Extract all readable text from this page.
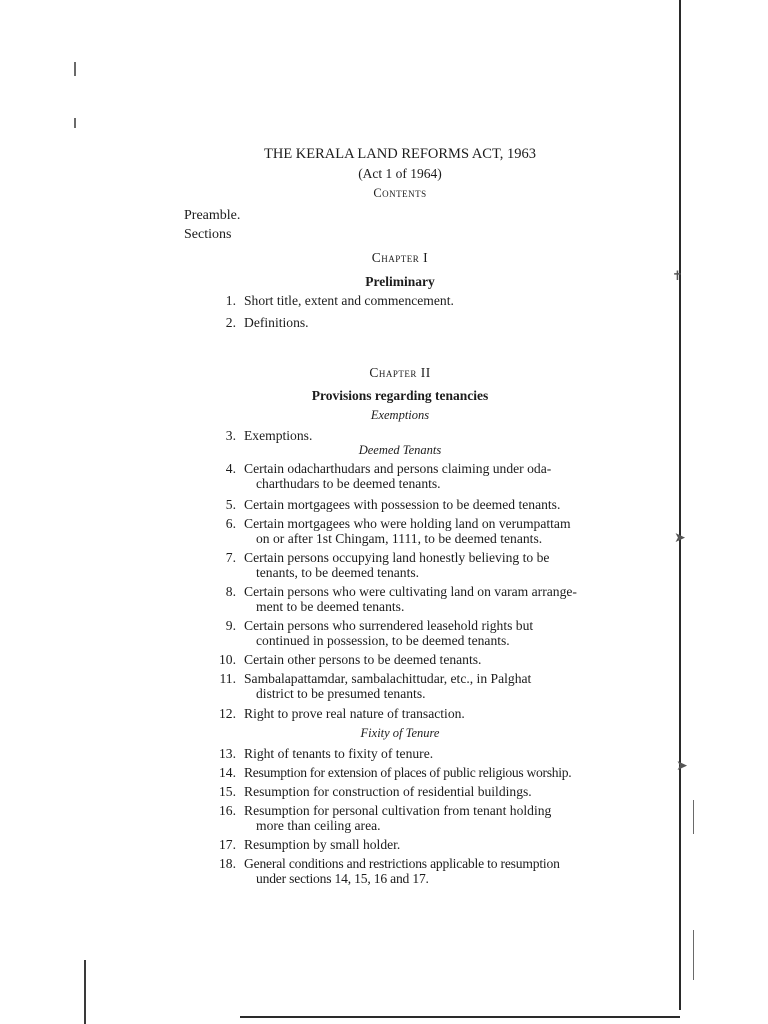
✝
➤
➤
THE KERALA LAND REFORMS ACT, 1963
(Act 1 of 1964)
Contents
Preamble.
Sections
Chapter I
Preliminary
1. Short title, extent and commencement.
2. Definitions.
Chapter II
Provisions regarding tenancies
Exemptions
3. Exemptions.
Deemed Tenants
4. Certain odacharthudars and persons claiming under oda-
charthudars to be deemed tenants.
5. Certain mortgagees with possession to be deemed tenants.
6. Certain mortgagees who were holding land on verumpattam
on or after 1st Chingam, 1111, to be deemed tenants.
7. Certain persons occupying land honestly believing to be
tenants, to be deemed tenants.
8. Certain persons who were cultivating land on varam arrange-
ment to be deemed tenants.
9. Certain persons who surrendered leasehold rights but
continued in possession, to be deemed tenants.
10. Certain other persons to be deemed tenants.
11. Sambalapattamdar, sambalachittudar, etc., in Palghat
district to be presumed tenants.
12. Right to prove real nature of transaction.
Fixity of Tenure
13. Right of tenants to fixity of tenure.
14. Resumption for extension of places of public religious worship.
15. Resumption for construction of residential buildings.
16. Resumption for personal cultivation from tenant holding
more than ceiling area.
17. Resumption by small holder.
18. General conditions and restrictions applicable to resumption
under sections 14, 15, 16 and 17.
